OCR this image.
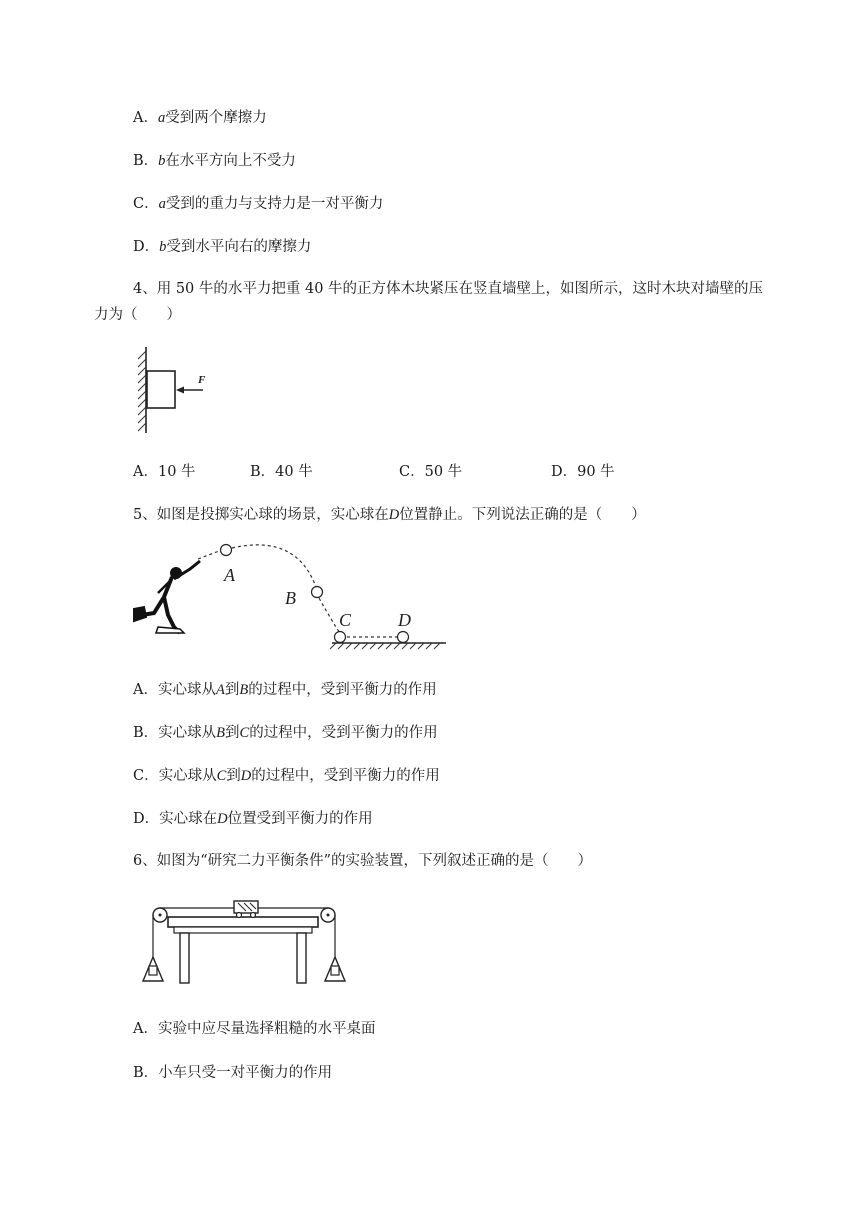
A．a受到两个摩擦力
B．b在水平方向上不受力
C．a受到的重力与支持力是一对平衡力
D．b受到水平向右的摩擦力
4、用 50 牛的水平力把重 40 牛的正方体木块紧压在竖直墙壁上，如图所示，这时木块对墙壁的压
力为（　　）
F
A．10 牛	B．40 牛	C．50 牛	D．90 牛
5、如图是投掷实心球的场景，实心球在D位置静止。下列说法正确的是（　　）
A
B
C	D
A．实心球从A到B的过程中，受到平衡力的作用
B．实心球从B到C的过程中，受到平衡力的作用
C．实心球从C到D的过程中，受到平衡力的作用
D．实心球在D位置受到平衡力的作用
6、如图为“研究二力平衡条件”的实验装置，下列叙述正确的是（　　）
A．实验中应尽量选择粗糙的水平桌面
B．小车只受一对平衡力的作用
